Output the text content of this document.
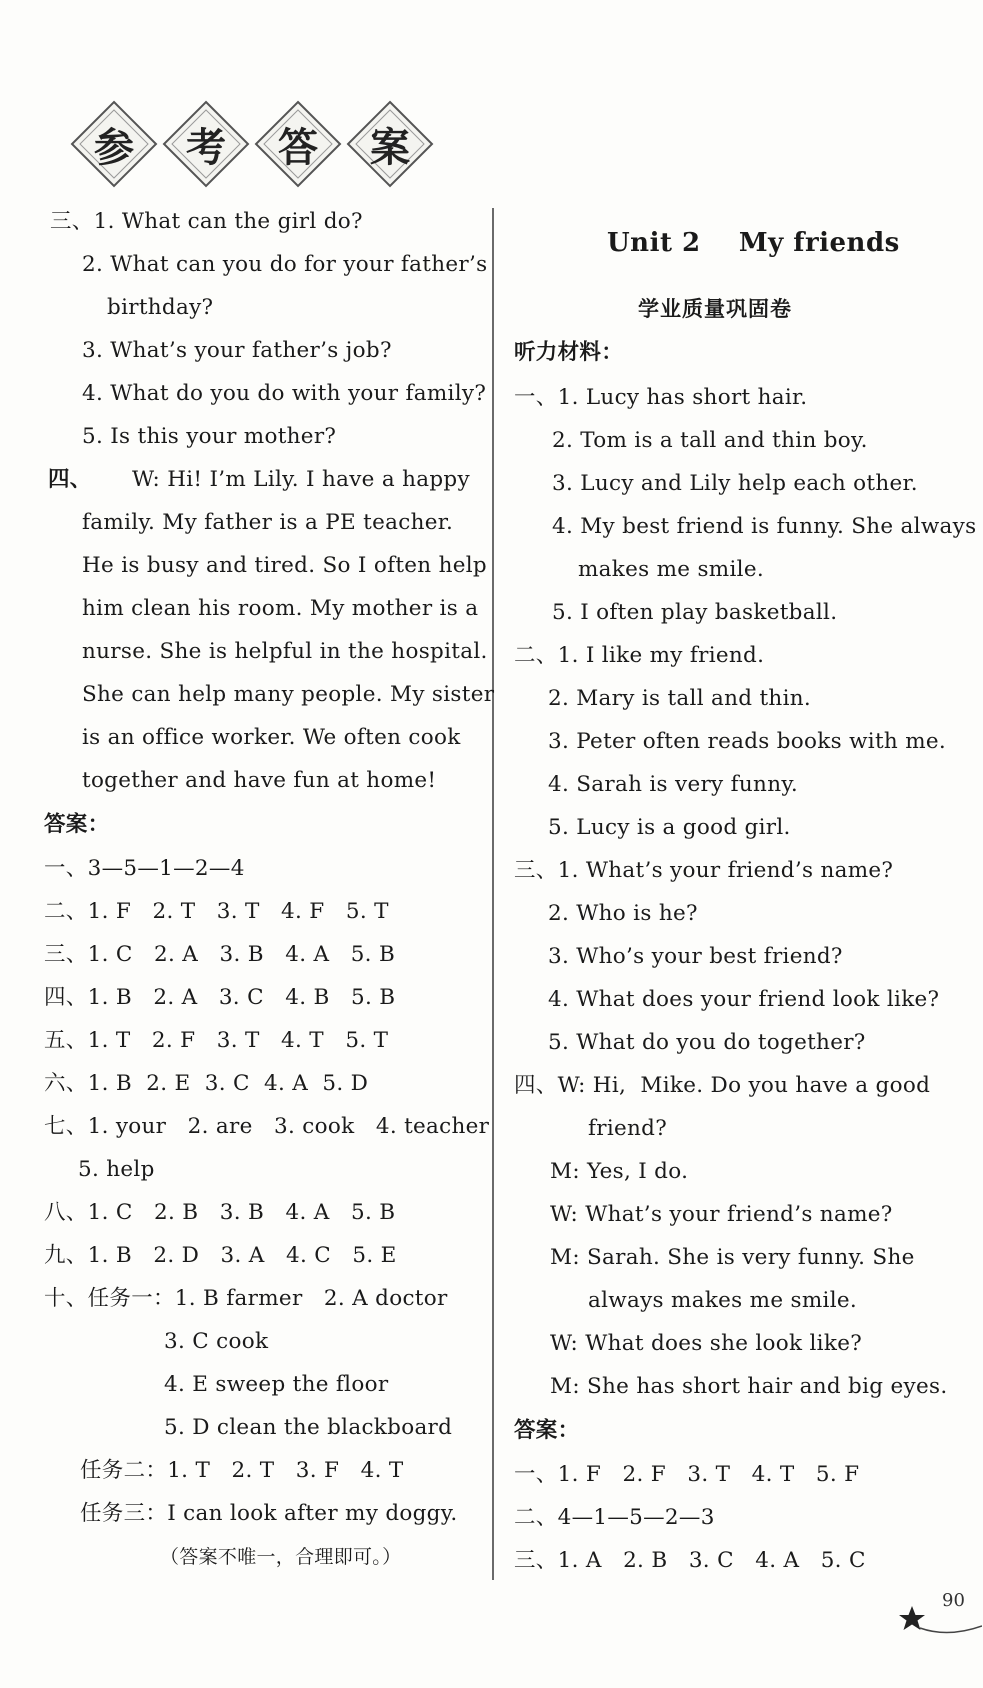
参 考 答 案
三、1. What can the girl do?
2. What can you do for your father’s
birthday?
3. What’s your father’s job?
4. What do you do with your family?
5. Is this your mother?
四、 W: Hi! I’m Lily. I have a happy
family. My father is a PE teacher.
He is busy and tired. So I often help
him clean his room. My mother is a
nurse. She is helpful in the hospital.
She can help many people. My sister
is an office worker. We often cook
together and have fun at home!
答案：
一、3—5—1—2—4
二、1. F   2. T   3. T   4. F   5. T
三、1. C   2. A   3. B   4. A   5. B
四、1. B   2. A   3. C   4. B   5. B
五、1. T   2. F   3. T   4. T   5. T
六、1. B  2. E  3. C  4. A  5. D
七、1. your   2. are   3. cook   4. teacher
5. help
八、1. C   2. B   3. B   4. A   5. B
九、1. B   2. D   3. A   4. C   5. E
十、任务一：1. B farmer   2. A doctor
3. C cook
4. E sweep the floor
5. D clean the blackboard
任务二：1. T   2. T   3. F   4. T
任务三：I can look after my doggy.
（答案不唯一，合理即可。）
Unit 2    My friends
学业质量巩固卷
听力材料：
一、1. Lucy has short hair.
2. Tom is a tall and thin boy.
3. Lucy and Lily help each other.
4. My best friend is funny. She always
makes me smile.
5. I often play basketball.
二、1. I like my friend.
2. Mary is tall and thin.
3. Peter often reads books with me.
4. Sarah is very funny.
5. Lucy is a good girl.
三、1. What’s your friend’s name?
2. Who is he?
3. Who’s your best friend?
4. What does your friend look like?
5. What do you do together?
四、W: Hi,  Mike. Do you have a good
friend?
M: Yes, I do.
W: What’s your friend’s name?
M: Sarah. She is very funny. She
always makes me smile.
W: What does she look like?
M: She has short hair and big eyes.
答案：
一、1. F   2. F   3. T   4. T   5. F
二、4—1—5—2—3
三、1. A   2. B   3. C   4. A   5. C
90
